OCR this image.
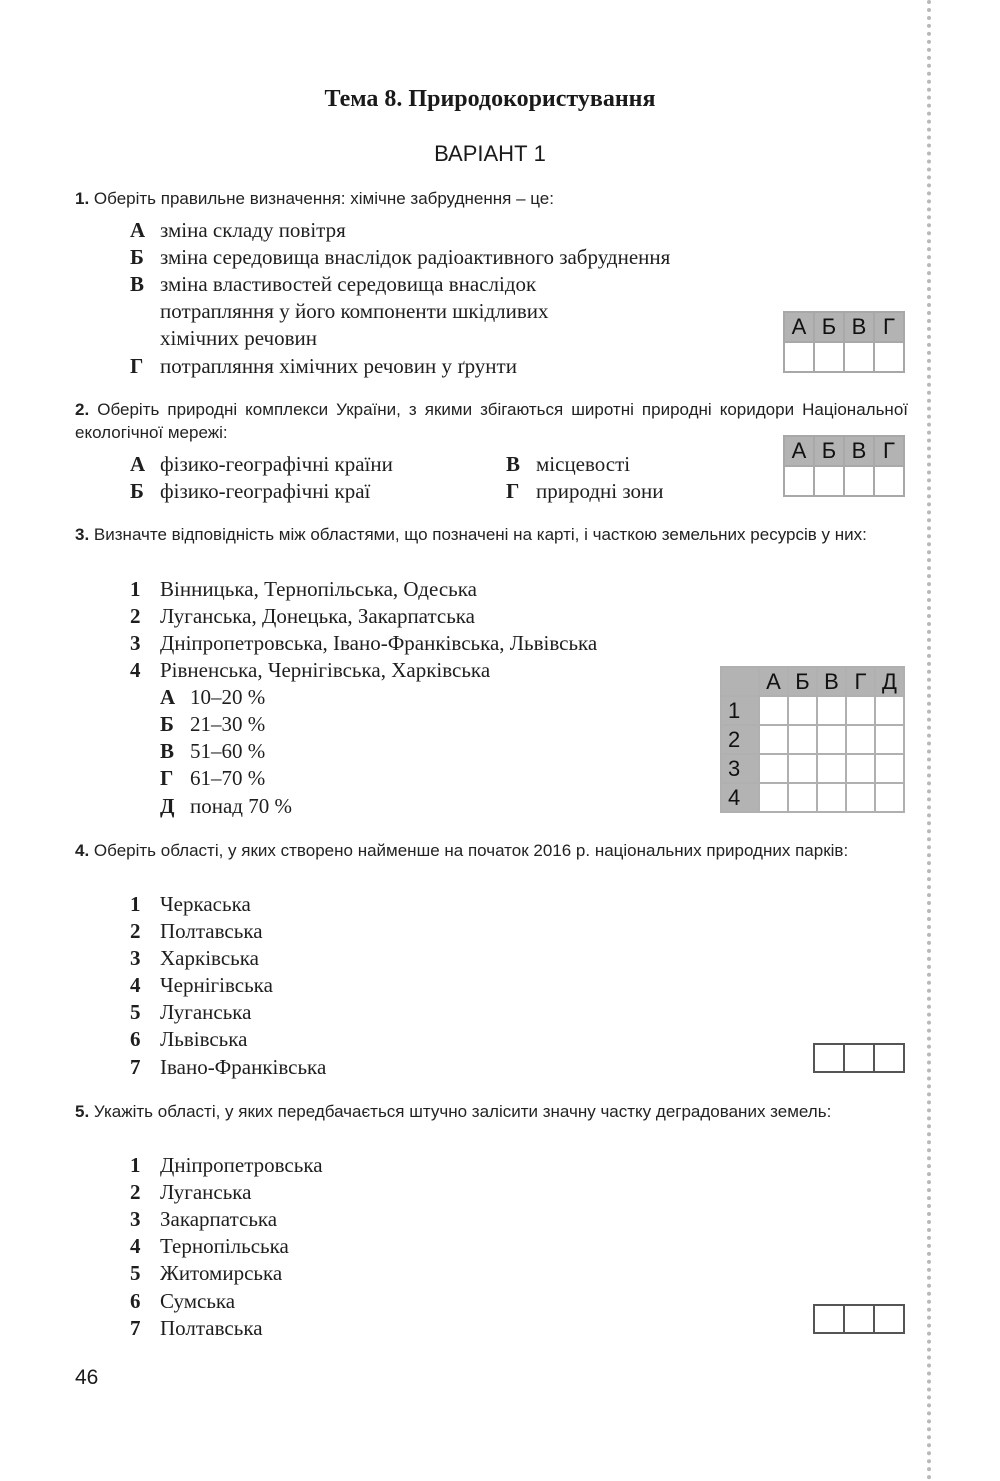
Тема 8. Природокористування
ВАРІАНТ 1
1. Оберіть правильне визначення: хімічне забруднення – це:
А зміна складу повітря
Б зміна середовища внаслідок радіоактивного забруднення
В зміна властивостей середовища внаслідок
потрапляння у його компоненти шкідливих
хімічних речовин
Г потрапляння хімічних речовин у ґрунти
А	Б	В	Г

2. Оберіть природні комплекси України, з якими збігаються широтні природні коридори Національної екологічної мережі:
А фізико-географічні країни	В місцевості
Б фізико-географічні краї	Г природні зони
А	Б	В	Г

3. Визначте відповідність між областями, що позначені на карті, і часткою земельних ресурсів у них:
1 Вінницька, Тернопільська, Одеська
2 Луганська, Донецька, Закарпатська
3 Дніпропетровська, Івано-Франківська, Львівська
4 Рівненська, Чернігівська, Харківська
А 10–20 %
Б 21–30 %
В 51–60 %
Г 61–70 %
Д понад 70 %
	А	Б	В	Г	Д
1					
2					
3					
4					
4. Оберіть області, у яких створено найменше на початок 2016 р. національних природних парків:
1 Черкаська
2 Полтавська
3 Харківська
4 Чернігівська
5 Луганська
6 Львівська
7 Івано-Франківська

5. Укажіть області, у яких передбачається штучно залісити значну частку деградованих земель:
1 Дніпропетровська
2 Луганська
3 Закарпатська
4 Тернопільська
5 Житомирська
6 Сумська
7 Полтавська

46
